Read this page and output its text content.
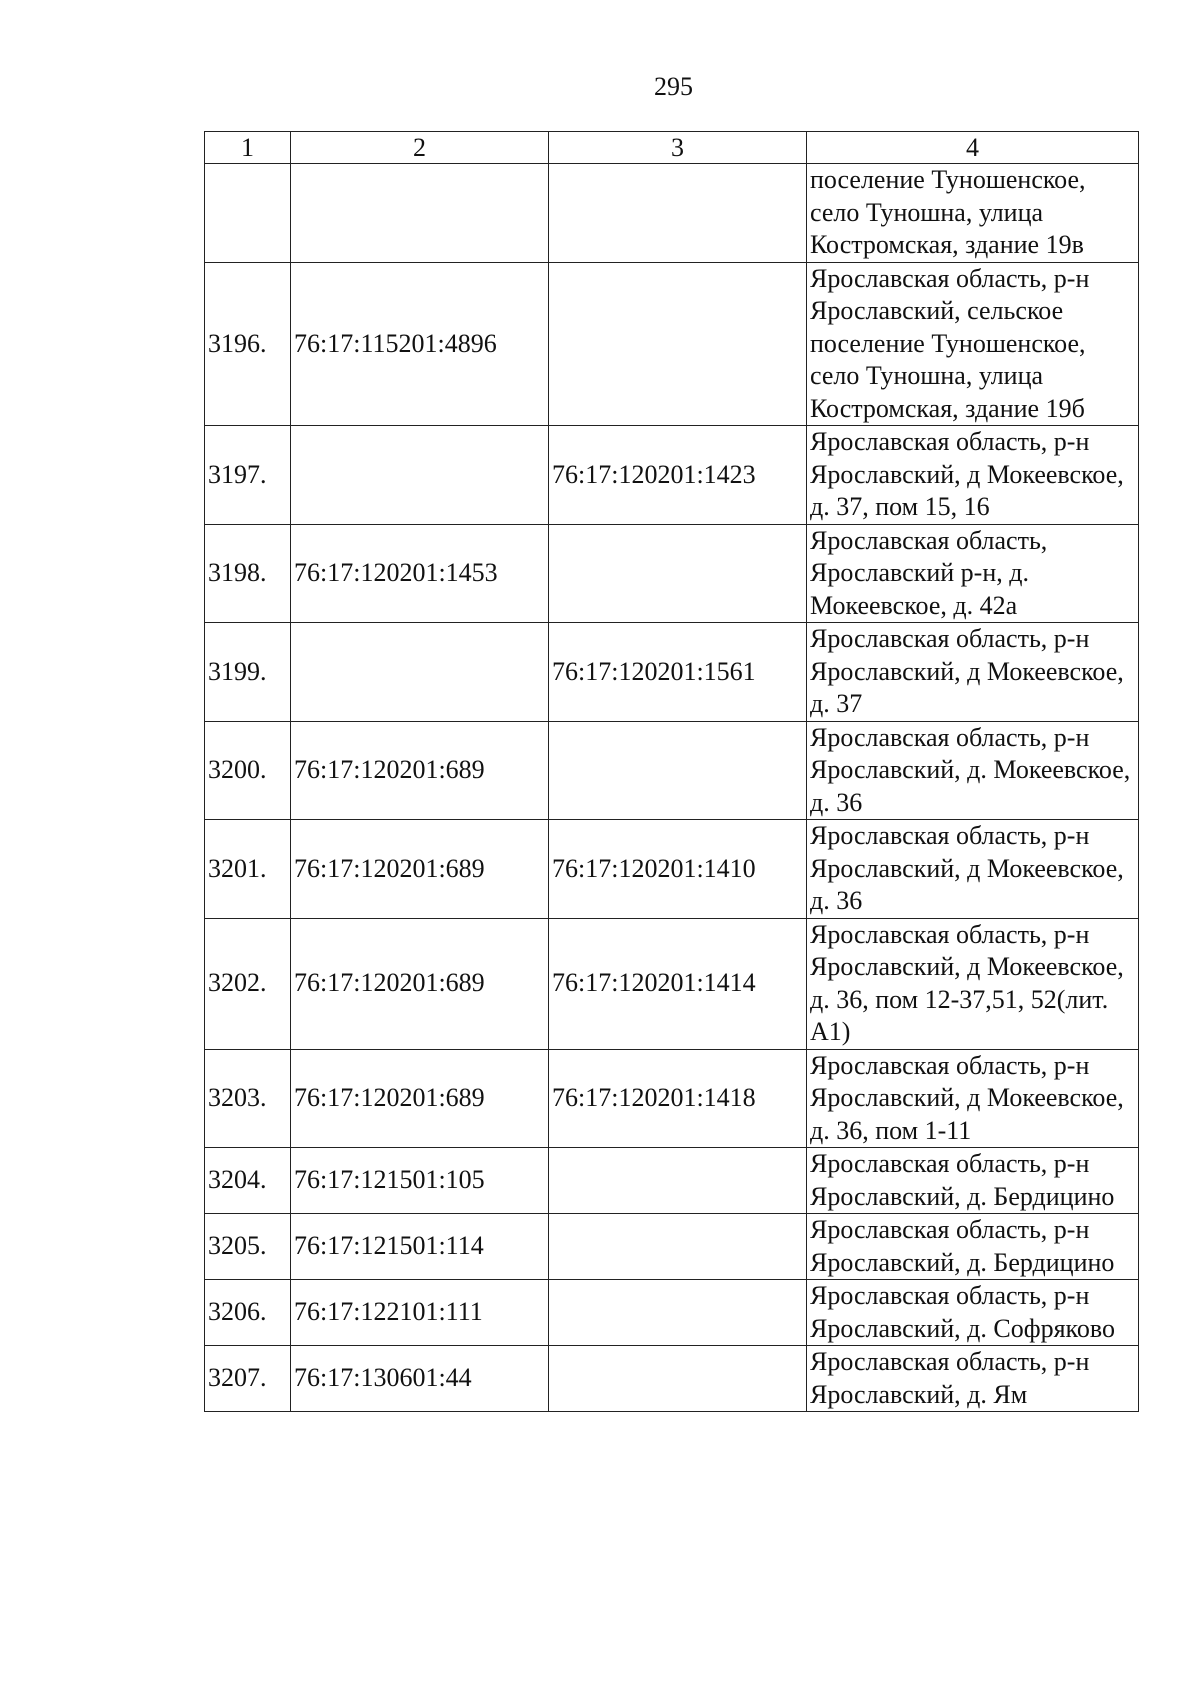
295
1	2	3	4
			поселение Туношенское, село Туношна, улица Костромская, здание 19в
3196.	76:17:115201:4896		Ярославская область, р-н Ярославский, сельское поселение Туношенское, село Туношна, улица Костромская, здание 19б
3197.		76:17:120201:1423	Ярославская область, р-н Ярославский, д Мокеевское, д. 37, пом 15, 16
3198.	76:17:120201:1453		Ярославская область, Ярославский р-н, д. Мокеевское, д. 42а
3199.		76:17:120201:1561	Ярославская область, р-н Ярославский, д Мокеевское, д. 37
3200.	76:17:120201:689		Ярославская область, р-н Ярославский, д. Мокеевское, д. 36
3201.	76:17:120201:689	76:17:120201:1410	Ярославская область, р-н Ярославский, д Мокеевское, д. 36
3202.	76:17:120201:689	76:17:120201:1414	Ярославская область, р-н Ярославский, д Мокеевское, д. 36, пом 12-37,51, 52(лит. А1)
3203.	76:17:120201:689	76:17:120201:1418	Ярославская область, р-н Ярославский, д Мокеевское, д. 36, пом 1-11
3204.	76:17:121501:105		Ярославская область, р-н Ярославский, д. Бердицино
3205.	76:17:121501:114		Ярославская область, р-н Ярославский, д. Бердицино
3206.	76:17:122101:111		Ярославская область, р-н Ярославский, д. Софряково
3207.	76:17:130601:44		Ярославская область, р-н Ярославский, д. Ям
